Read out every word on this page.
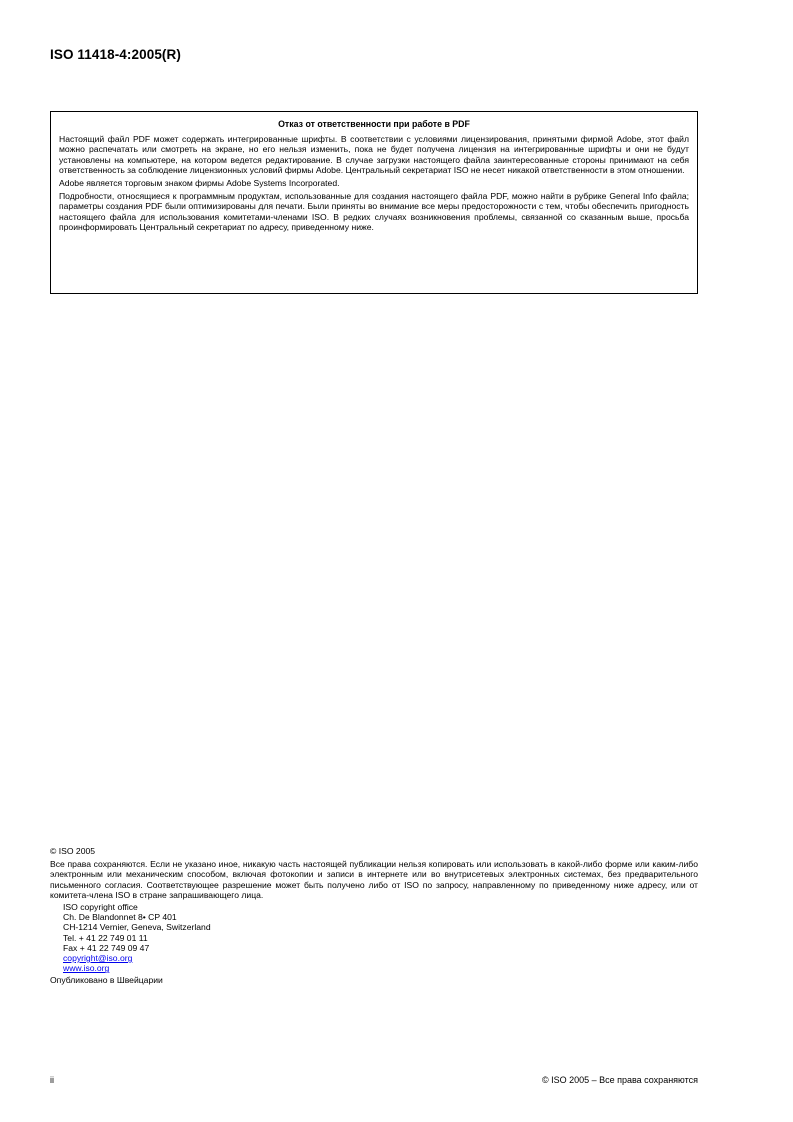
ISO 11418-4:2005(R)
Отказ от ответственности при работе в PDF

Настоящий файл PDF может содержать интегрированные шрифты. В соответствии с условиями лицензирования, принятыми фирмой Adobe, этот файл можно распечатать или смотреть на экране, но его нельзя изменить, пока не будет получена лицензия на интегрированные шрифты и они не будут установлены на компьютере, на котором ведется редактирование. В случае загрузки настоящего файла заинтересованные стороны принимают на себя ответственность за соблюдение лицензионных условий фирмы Adobe. Центральный секретариат ISO не несет никакой ответственности в этом отношении.

Adobe является торговым знаком фирмы Adobe Systems Incorporated.

Подробности, относящиеся к программным продуктам, использованные для создания настоящего файла PDF, можно найти в рубрике General Info файла; параметры создания PDF были оптимизированы для печати. Были приняты во внимание все меры предосторожности с тем, чтобы обеспечить пригодность настоящего файла для использования комитетами-членами ISO. В редких случаях возникновения проблемы, связанной со сказанным выше, просьба проинформировать Центральный секретариат по адресу, приведенному ниже.

© ISO 2005

Все права сохраняются. Если не указано иное, никакую часть настоящей публикации нельзя копировать или использовать в какой-либо форме или каким-либо электронным или механическим способом, включая фотокопии и записи в интернете или во внутрисетевых электронных системах, без предварительного письменного согласия. Соответствующее разрешение может быть получено либо от ISO по запросу, направленному по приведенному ниже адресу, или от комитета-члена ISO в стране запрашивающего лица.

ISO copyright office
Ch. De Blandonnet 8• CP 401
CH-1214 Vernier, Geneva, Switzerland
Tel. + 41 22 749 01 11
Fax + 41 22 749 09 47
copyright@iso.org
www.iso.org

Опубликовано в Швейцарии

ii	© ISO 2005 – Все права сохраняются
